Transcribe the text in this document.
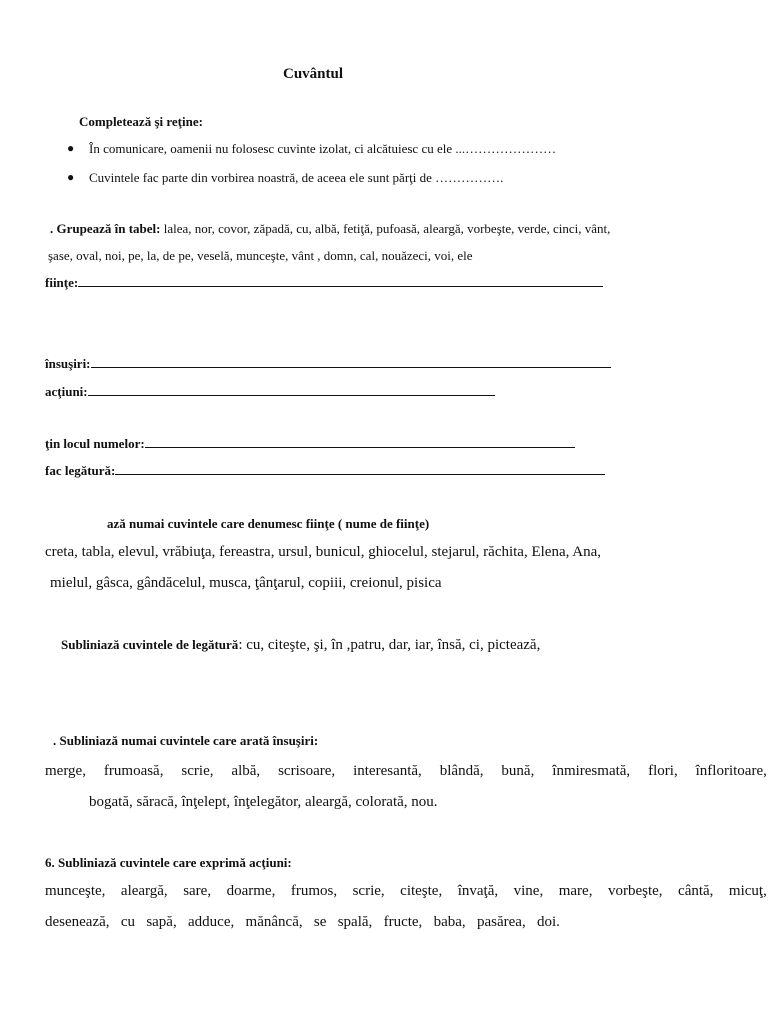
Cuvântul
Completează şi reţine:
● În comunicare, oamenii nu folosesc cuvinte izolat, ci alcătuiesc cu ele ...…………………
● Cuvintele fac parte din vorbirea noastră, de aceea ele sunt părţi de …………….
. Grupează în tabel: lalea, nor, covor, zăpadă, cu, albă, fetiţă, pufoasă, aleargă, vorbeşte, verde, cinci, vânt,
şase, oval, noi, pe, la, de pe, veselă, munceşte, vânt , domn, cal, nouăzeci, voi, ele
fiinţe:
însuşiri:
acţiuni:
ţin locul numelor:
fac legătură:
ază numai cuvintele care denumesc fiinţe ( nume de fiinţe)
creta, tabla, elevul, vrăbiuţa, fereastra, ursul, bunicul, ghiocelul, stejarul, răchita, Elena, Ana,
mielul, gâsca, gândăcelul, musca, ţânţarul, copiii, creionul, pisica
Subliniază cuvintele de legătură: cu, citeşte, şi, în ,patru, dar, iar, însă, ci, pictează,
. Subliniază numai cuvintele care arată însuşiri:
merge, frumoasă, scrie, albă, scrisoare, interesantă, blândă, bună, înmiresmată, flori, înfloritoare,
bogată, săracă, înţelept, înţelegător, aleargă, colorată, nou.
6. Subliniază cuvintele care exprimă acţiuni:
munceşte, aleargă, sare, doarme, frumos, scrie, citeşte, învaţă, vine, mare, vorbeşte, cântă, micuţ,
desenează, cu sapă, adduce, mănâncă, se spală, fructe, baba, pasărea, doi.
